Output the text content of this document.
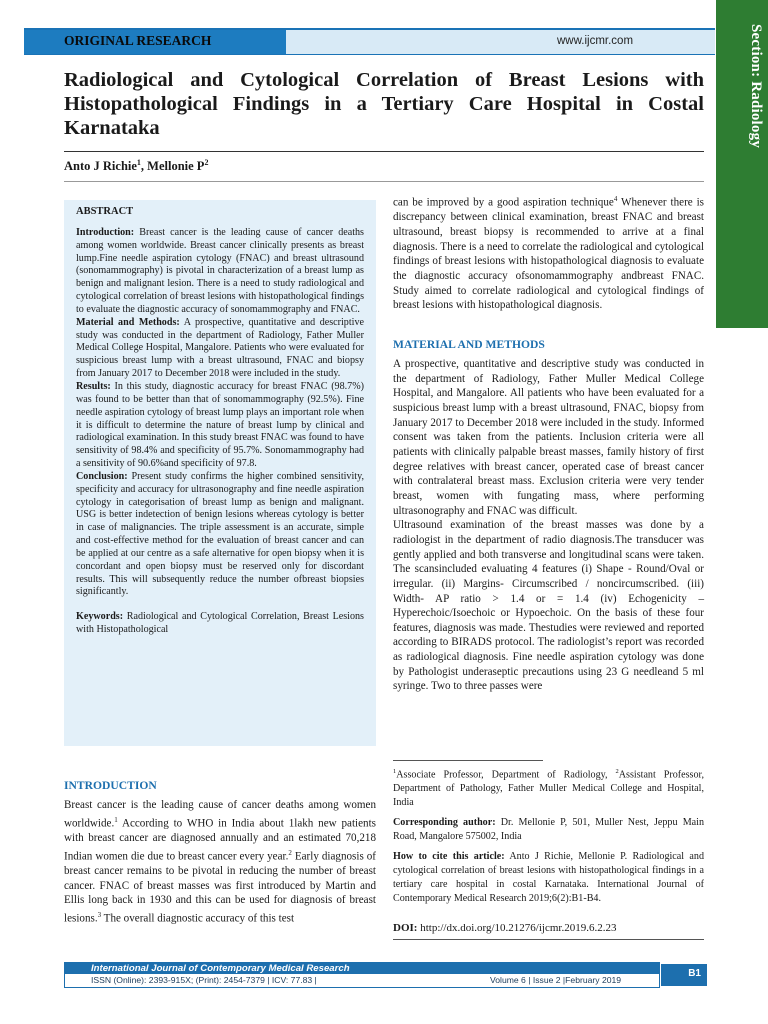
ORIGINAL RESEARCH	www.ijcmr.com	Section: Radiology
Radiological and Cytological Correlation of Breast Lesions with Histopathological Findings in a Tertiary Care Hospital in Costal Karnataka
Anto J Richie$^1$, Mellonie $P^2$

ABSTRACT

Introduction: Breast cancer is the leading cause of cancer deaths among women worldwide. Breast cancer clinically presents as breast lump.Fine needle aspiration cytology (FNAC) and breast ultrasound (sonomammography) is pivotal in characterization of a breast lump as benign and malignant lesion. There is a need to study radiological and cytological correlation of breast lesions with histopathological findings to evaluate the diagnostic accuracy of sonomammography and FNAC.

Material and Methods: A prospective, quantitative and descriptive study was conducted in the department of Radiology, Father Muller Medical College Hospital, Mangalore. Patients who were evaluated for suspicious breast lump with a breast ultrasound, FNAC and biopsy from January 2017 to December 2018 were included in the study.

Results: In this study, diagnostic accuracy for breast FNAC (98.7%) was found to be better than that of sonomammography (92.5%). Fine needle aspiration cytology of breast lump plays an important role when it is difficult to determine the nature of breast lump by clinical and radiological examination. In this study breast FNAC was found to have sensitivity of 98.4% and specificity of 95.7%. Sonomammography had a sensitivity of 90.6%and specificity of 97.8.

Conclusion: Present study confirms the higher combined sensitivity, specificity and accuracy for ultrasonography and fine needle aspiration cytology in categorisation of breast lump as benign and malignant. USG is better indetection of benign lesions whereas cytology is better in case of malignancies. The triple assessment is an accurate, simple and cost-effective method for the evaluation of breast cancer and can be applied at our centre as a safe alternative for open biopsy when it is concordant and open biopsy must be reserved only for discordant results. This will subsequently reduce the number ofbreast biopsies significantly.

Keywords: Radiological and Cytological Correlation, Breast Lesions with Histopathological

INTRODUCTION

Breast cancer is the leading cause of cancer deaths among women worldwide.$^1$ According to WHO in India about 1lakh new patients with breast cancer are diagnosed annually and an estimated 70,218 Indian women die due to breast cancer every year.$^2$ Early diagnosis of breast cancer remains to be pivotal in reducing the number of breast cancer. FNAC of breast masses was first introduced by Martin and Ellis long back in 1930 and this can be used for diagnosis of breast lesions.$^3$ The overall diagnostic accuracy of this test

can be improved by a good aspiration technique$^4$ Whenever there is discrepancy between clinical examination, breast FNAC and breast ultrasound, breast biopsy is recommended to arrive at a final diagnosis. There is a need to correlate the radiological and cytological findings of breast lesions with histopathological diagnosis to evaluate the diagnostic accuracy ofsonomammography andbreast FNAC. Study aimed to correlate radiological and cytological findings of breast lesions with histopathological diagnosis.

MATERIAL AND METHODS

A prospective, quantitative and descriptive study was conducted in the department of Radiology, Father Muller Medical College Hospital, and Mangalore. All patients who have been evaluated for a suspicious breast lump with a breast ultrasound, FNAC, biopsy from January 2017 to December 2018 were included in the study. Informed consent was taken from the patients. Inclusion criteria were all patients with clinically palpable breast masses, family history of first degree relatives with breast cancer, operated case of breast cancer with contralateral breast mass. Exclusion criteria were very tender breast, women with fungating mass, where performing ultrasonography and FNAC was difficult.

Ultrasound examination of the breast masses was done by a radiologist in the department of radio diagnosis.The transducer was gently applied and both transverse and longitudinal scans were taken. The scansincluded evaluating 4 features (i) Shape - Round/Oval or irregular. (ii) Margins- Circumscribed / noncircumscribed. (iii) Width- AP ratio > 1.4 or = 1.4 (iv) Echogenicity – Hyperechoic/Isoechoic or Hypoechoic. On the basis of these four features, diagnosis was made. Thestudies were reviewed and reported according to BIRADS protocol. The radiologist’s report was recorded as radiological diagnosis. Fine needle aspiration cytology was done by Pathologist underaseptic precautions using 23 G needleand 5 ml syringe. Two to three passes were

$^1$Associate Professor, Department of Radiology, $^2$Assistant Professor, Department of Pathology, Father Muller Medical College and Hospital, India

Corresponding author: Dr. Mellonie P, 501, Muller Nest, Jeppu Main Road, Mangalore 575002, India

How to cite this article: Anto J Richie, Mellonie P. Radiological and cytological correlation of breast lesions with histopathological findings in a tertiary care hospital in costal Karnataka. International Journal of Contemporary Medical Research 2019;6(2):B1-B4.

DOI: http://dx.doi.org/10.21276/ijcmr.2019.6.2.23
International Journal of Contemporary Medical Research
ISSN (Online): 2393-915X; (Print): 2454-7379 | ICV: 77.83 |	Volume 6 | Issue 2 |February 2019
B1
